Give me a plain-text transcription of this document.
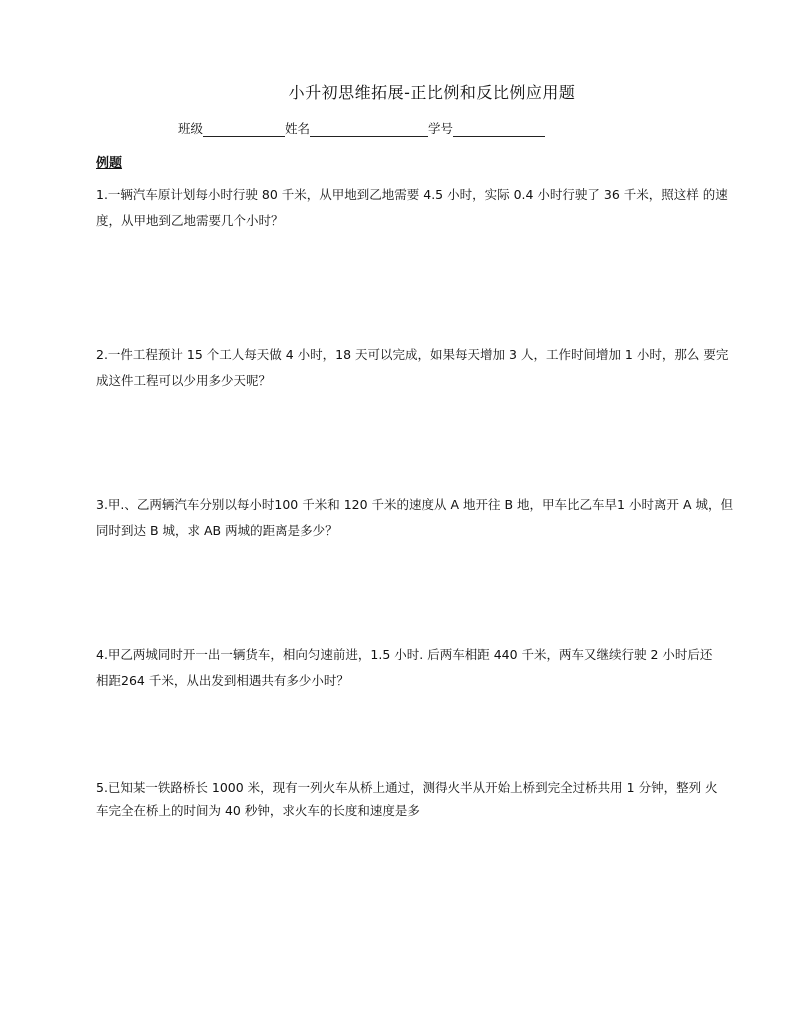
小升初思维拓展-正比例和反比例应用题
班级	姓名	学号
例题
1.一辆汽车原计划每小时行驶 80 千米，从甲地到乙地需要 4.5 小时，实际 0.4 小时行驶了 36 千米，照这样 的速
度，从甲地到乙地需要几个小时？
2.一件工程预计 15 个工人每天做 4 小时，18 天可以完成，如果每天增加 3 人，工作时间增加 1 小时，那么 要完
成这件工程可以少用多少天呢？
3.甲.、乙两辆汽车分别以每小时100 千米和 120 千米的速度从 A 地开往 B 地，甲车比乙车早1 小时离开 A 城，但
同时到达 B 城，求 AB 两城的距离是多少？
4.甲乙两城同时开一出一辆货车，相向匀速前进，1.5 小时. 后两车相距 440 千米，两车又继续行驶 2 小时后还
相距264 千米，从出发到相遇共有多少小时？
5.已知某一铁路桥长 1000 米，现有一列火车从桥上通过，测得火半从开始上桥到完全过桥共用 1 分钟，整列 火
车完全在桥上的时间为 40 秒钟，求火车的长度和速度是多
